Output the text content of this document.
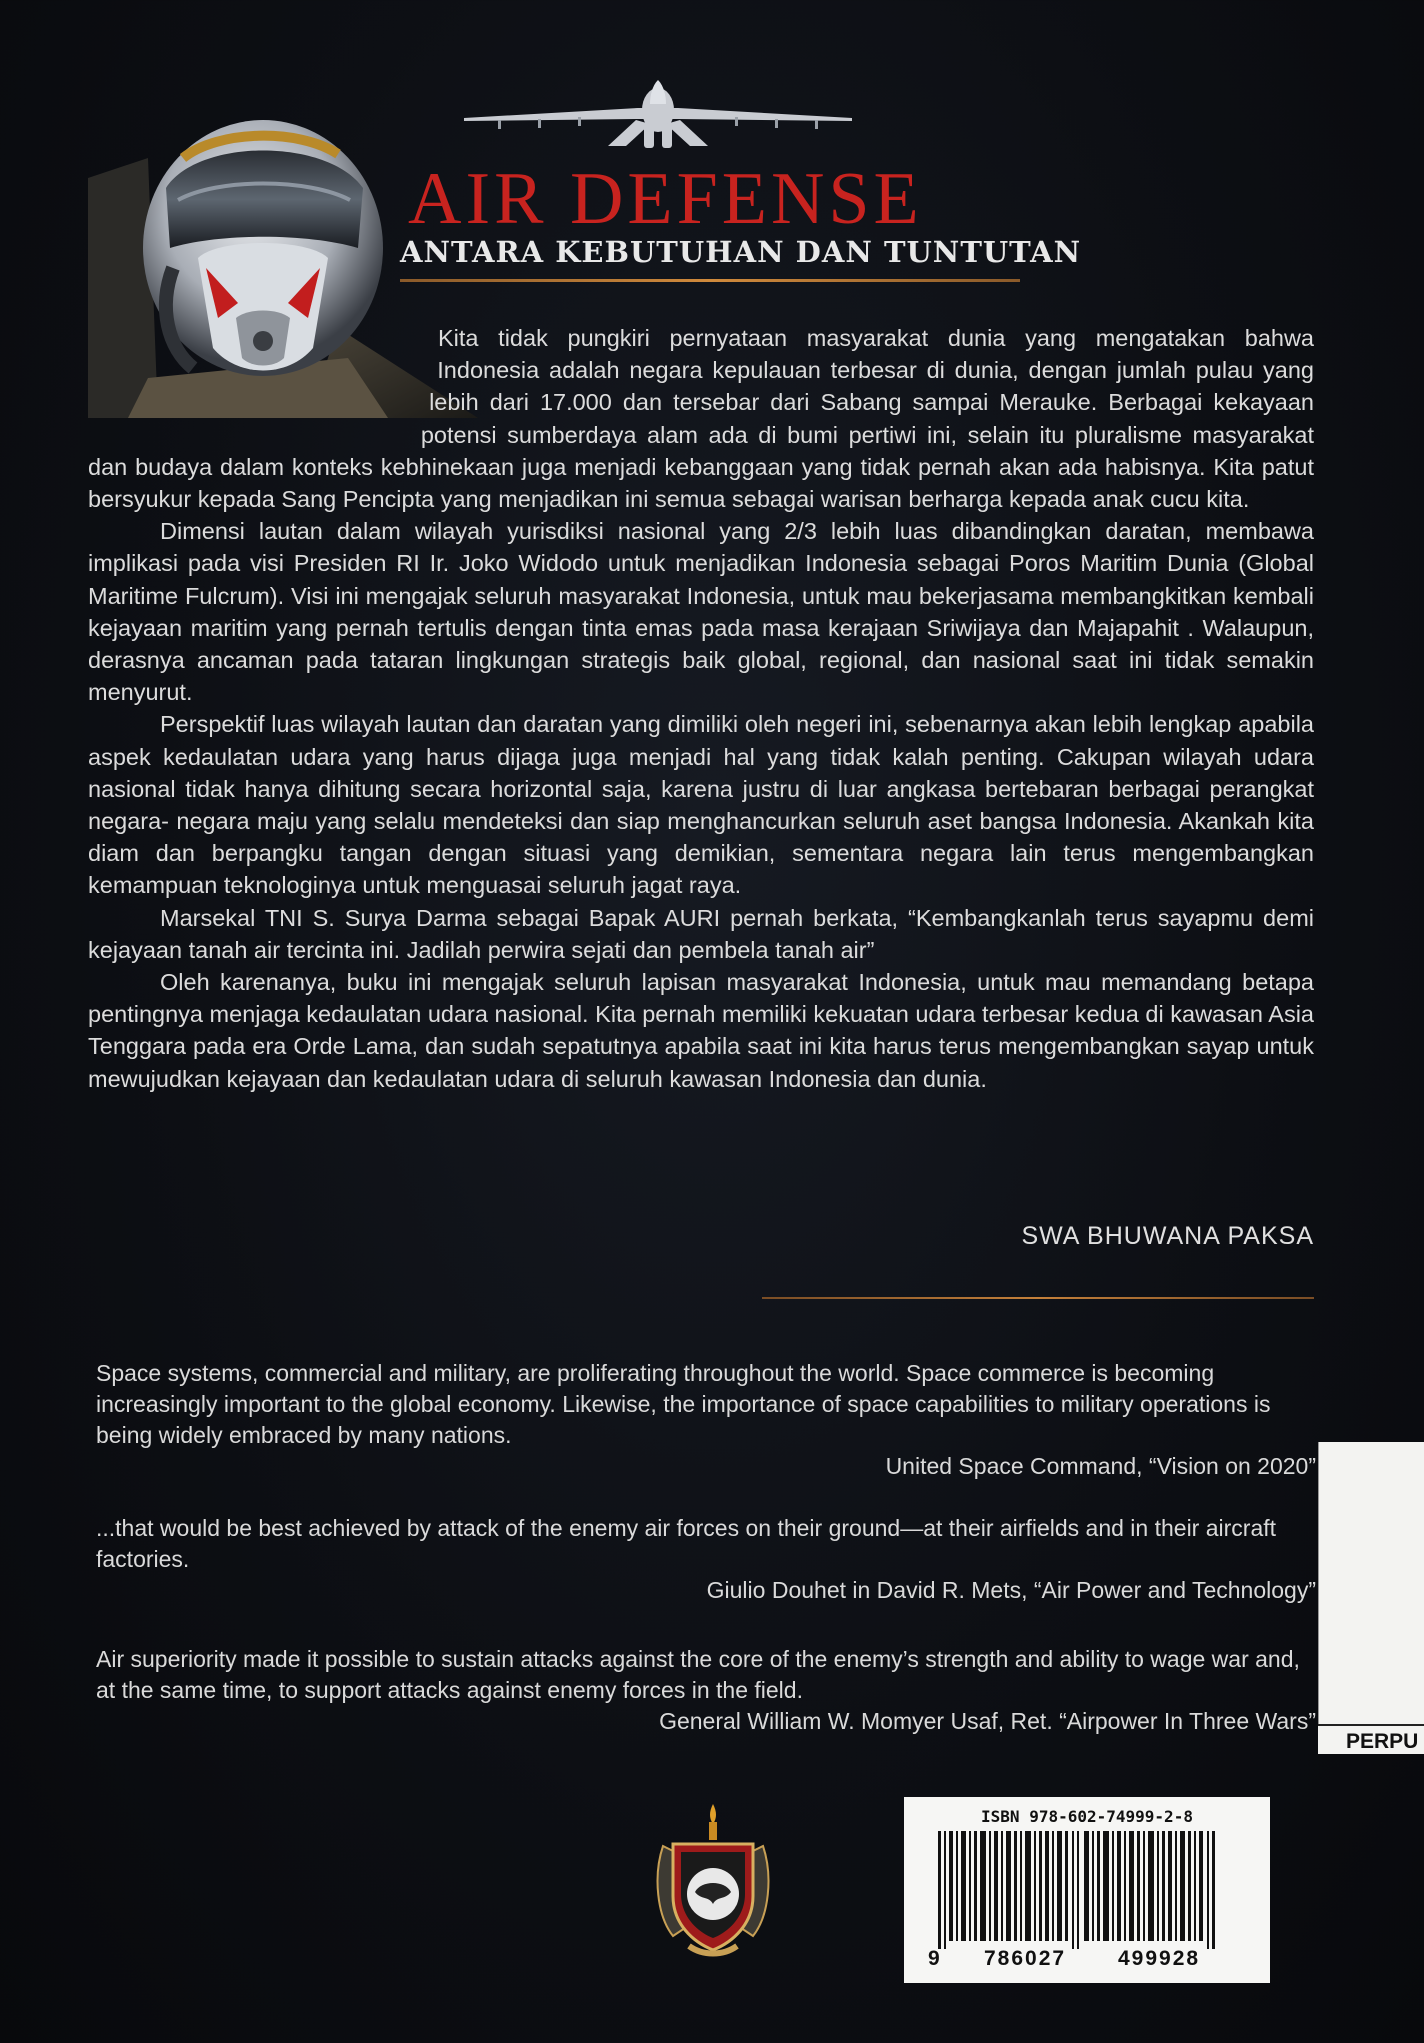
AIR DEFENSE
ANTARA KEBUTUHAN DAN TUNTUTAN

Kita tidak pungkiri pernyataan masyarakat dunia yang mengatakan bahwa Indonesia adalah negara kepulauan terbesar di dunia, dengan jumlah pulau yang lebih dari 17.000 dan tersebar dari Sabang sampai Merauke. Berbagai kekayaan potensi sumberdaya alam ada di bumi pertiwi ini, selain itu pluralisme masyarakat dan budaya dalam konteks kebhinekaan juga menjadi kebanggaan yang tidak pernah akan ada habisnya. Kita patut bersyukur kepada Sang Pencipta yang menjadikan ini semua sebagai warisan berharga kepada anak cucu kita.

Dimensi lautan dalam wilayah yurisdiksi nasional yang 2/3 lebih luas dibandingkan daratan, membawa implikasi pada visi Presiden RI Ir. Joko Widodo untuk menjadikan Indonesia sebagai Poros Maritim Dunia (Global Maritime Fulcrum). Visi ini mengajak seluruh masyarakat Indonesia, untuk mau bekerjasama membangkitkan kembali kejayaan maritim yang pernah tertulis dengan tinta emas pada masa kerajaan Sriwijaya dan Majapahit . Walaupun, derasnya ancaman pada tataran lingkungan strategis baik global, regional, dan nasional saat ini tidak semakin menyurut.

Perspektif luas wilayah lautan dan daratan yang dimiliki oleh negeri ini, sebenarnya akan lebih lengkap apabila aspek kedaulatan udara yang harus dijaga juga menjadi hal yang tidak kalah penting. Cakupan wilayah udara nasional tidak hanya dihitung secara horizontal saja, karena justru di luar angkasa bertebaran berbagai perangkat negara- negara maju yang selalu mendeteksi dan siap menghancurkan seluruh aset bangsa Indonesia. Akankah kita diam dan berpangku tangan dengan situasi yang demikian, sementara negara lain terus mengembangkan kemampuan teknologinya untuk menguasai seluruh jagat raya.

Marsekal TNI S. Surya Darma sebagai Bapak AURI pernah berkata, “Kembangkanlah terus sayapmu demi kejayaan tanah air tercinta ini. Jadilah perwira sejati dan pembela tanah air”

Oleh karenanya, buku ini mengajak seluruh lapisan masyarakat Indonesia, untuk mau memandang betapa pentingnya menjaga kedaulatan udara nasional. Kita pernah memiliki kekuatan udara terbesar kedua di kawasan Asia Tenggara pada era Orde Lama, dan sudah sepatutnya apabila saat ini kita harus terus mengembangkan sayap untuk mewujudkan kejayaan dan kedaulatan udara di seluruh kawasan Indonesia dan dunia.

SWA BHUWANA PAKSA

Space systems, commercial and military, are proliferating throughout the world. Space commerce is becoming increasingly important to the global economy. Likewise, the importance of space capabilities to military operations is being widely embraced by many nations.

United Space Command, “Vision on 2020”

...that would be best achieved by attack of the enemy air forces on their ground—at their airfields and in their aircraft factories.

Giulio Douhet in David R. Mets, “Air Power and Technology”

Air superiority made it possible to sustain attacks against the core of the enemy’s strength and ability to wage war and, at the same time, to support attacks against enemy forces in the field.

General William W. Momyer Usaf, Ret. “Airpower In Three Wars”

PERPU
ISBN 978-602-74999-2-8
9 786027 499928
